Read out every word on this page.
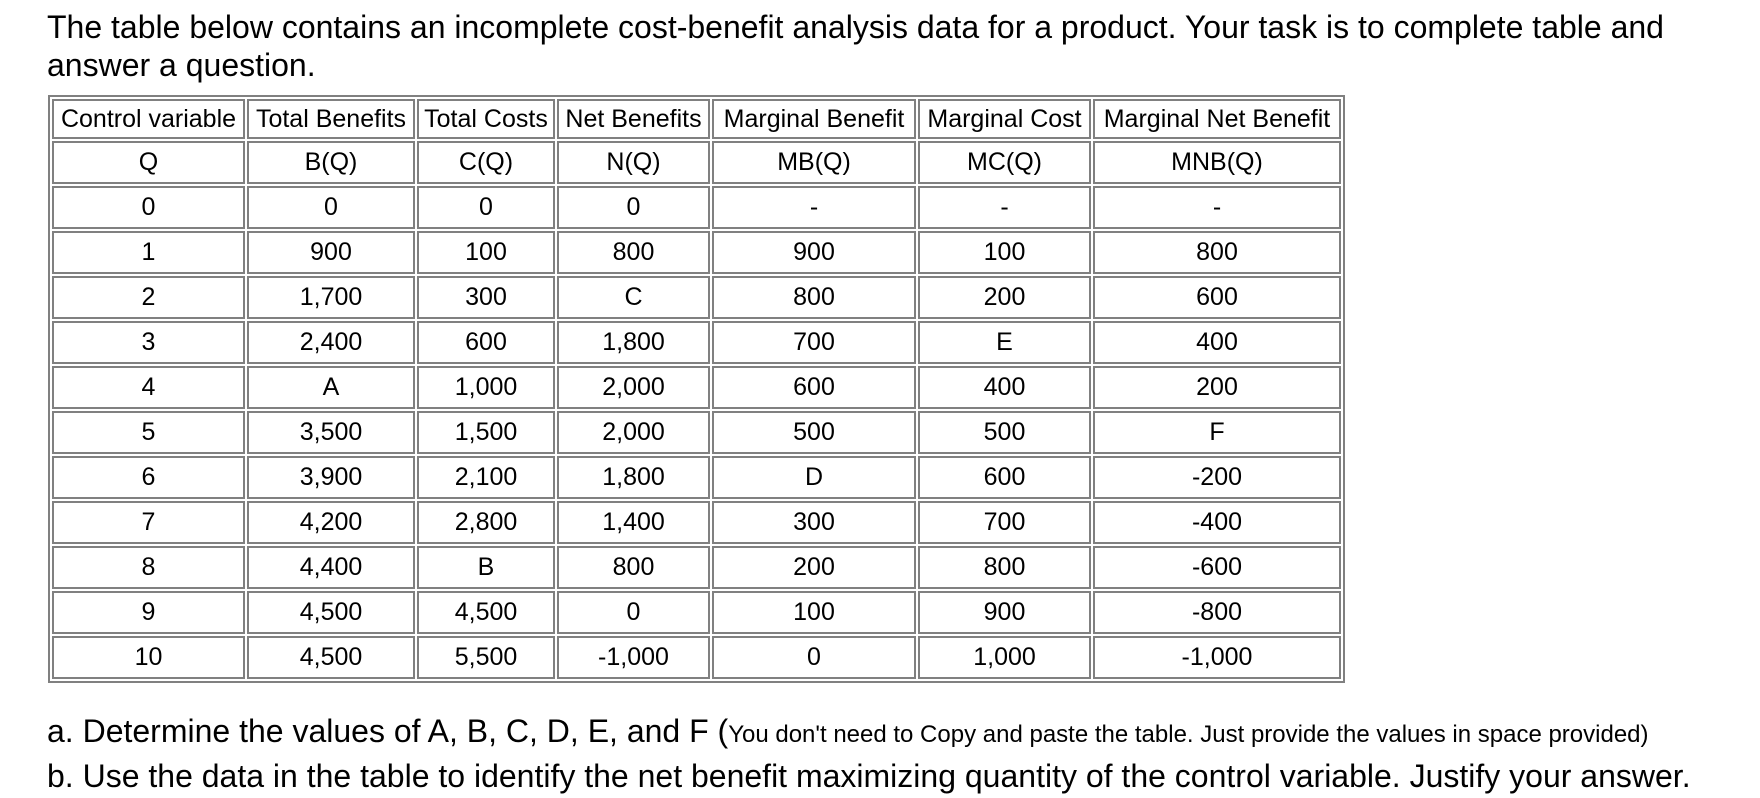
The table below contains an incomplete cost-benefit analysis data for a product. Your task is to complete table and answer a question.

Control variable	Total Benefits	Total Costs	Net Benefits	Marginal Benefit	Marginal Cost	Marginal Net Benefit
Q	B(Q)	C(Q)	N(Q)	MB(Q)	MC(Q)	MNB(Q)
0	0	0	0	-	-	-
1	900	100	800	900	100	800
2	1,700	300	C	800	200	600
3	2,400	600	1,800	700	E	400
4	A	1,000	2,000	600	400	200
5	3,500	1,500	2,000	500	500	F
6	3,900	2,100	1,800	D	600	-200
7	4,200	2,800	1,400	300	700	-400
8	4,400	B	800	200	800	-600
9	4,500	4,500	0	100	900	-800
10	4,500	5,500	-1,000	0	1,000	-1,000

a. Determine the values of A, B, C, D, E, and F (You don't need to Copy and paste the table. Just provide the values in space provided)

b. Use the data in the table to identify the net benefit maximizing quantity of the control variable. Justify your answer.
